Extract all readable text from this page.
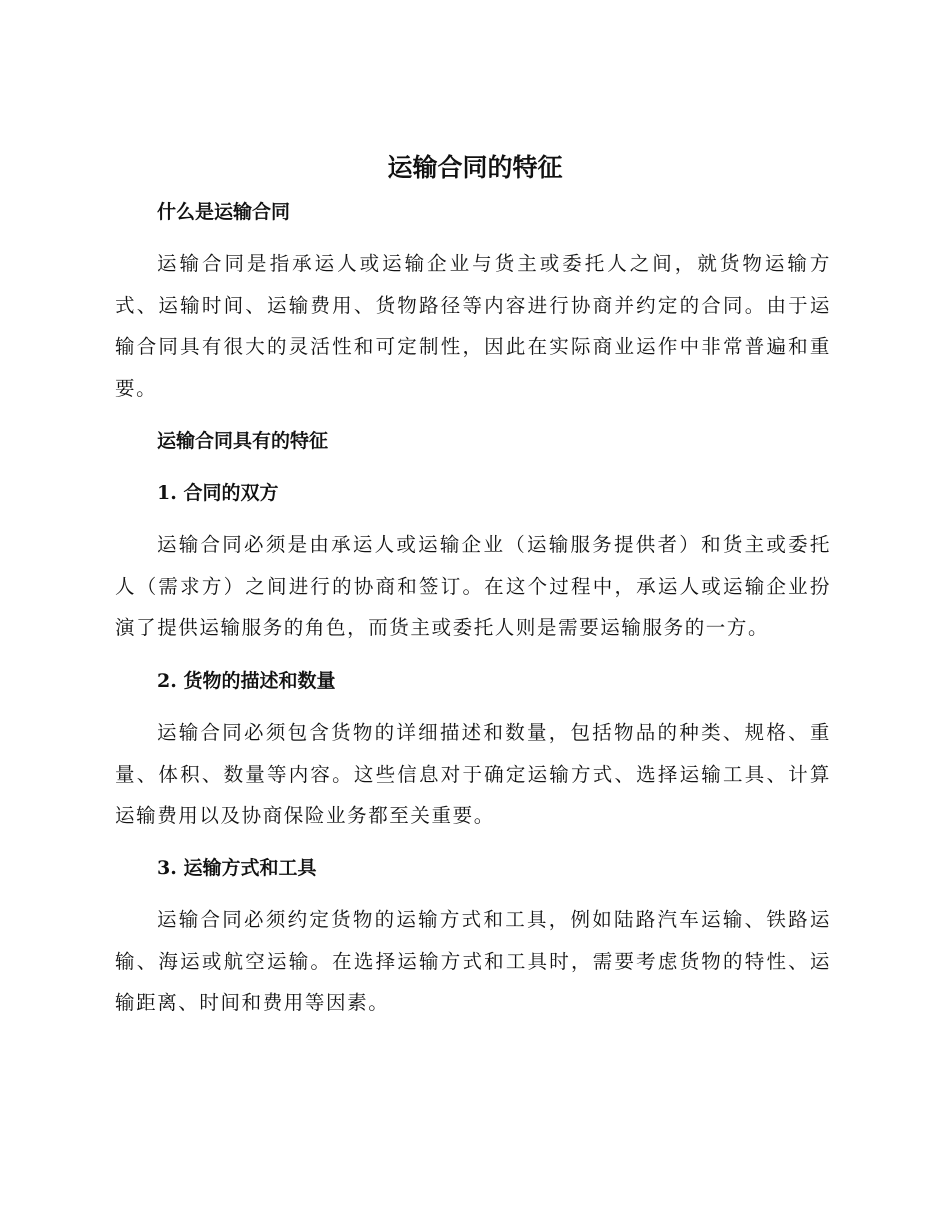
运输合同的特征
什么是运输合同

运输合同是指承运人或运输企业与货主或委托人之间，就货物运输方式、运输时间、运输费用、货物路径等内容进行协商并约定的合同。由于运输合同具有很大的灵活性和可定制性，因此在实际商业运作中非常普遍和重要。

运输合同具有的特征
1. 合同的双方

运输合同必须是由承运人或运输企业（运输服务提供者）和货主或委托人（需求方）之间进行的协商和签订。在这个过程中，承运人或运输企业扮演了提供运输服务的角色，而货主或委托人则是需要运输服务的一方。

2. 货物的描述和数量

运输合同必须包含货物的详细描述和数量，包括物品的种类、规格、重量、体积、数量等内容。这些信息对于确定运输方式、选择运输工具、计算运输费用以及协商保险业务都至关重要。

3. 运输方式和工具

运输合同必须约定货物的运输方式和工具，例如陆路汽车运输、铁路运输、海运或航空运输。在选择运输方式和工具时，需要考虑货物的特性、运输距离、时间和费用等因素。
